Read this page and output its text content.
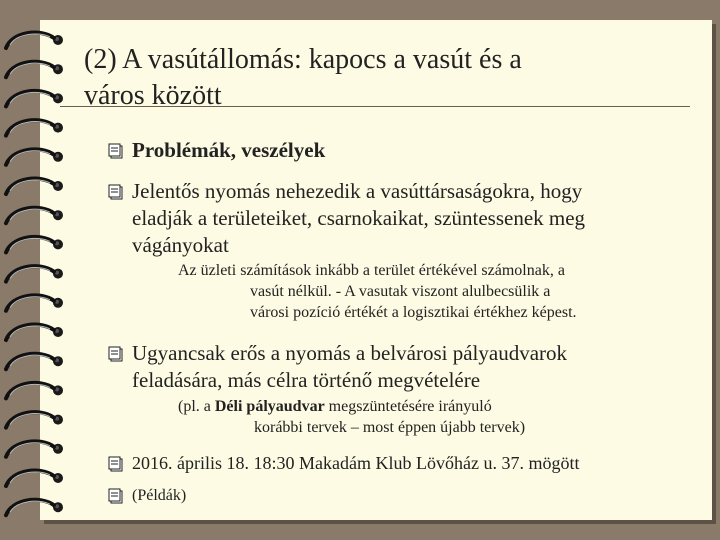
(2) A vasútállomás: kapocs a vasút és a
város között
Problémák, veszélyek
Jelentős nyomás nehezedik a vasúttársaságokra, hogy
eladják a területeiket, csarnokaikat, szüntessenek meg
vágányokat
Az üzleti számítások inkább a terület értékével számolnak, a
vasút nélkül. - A vasutak viszont alulbecsülik a
városi pozíció értékét a logisztikai értékhez képest.
Ugyancsak erős a nyomás a belvárosi pályaudvarok
feladására, más célra történő megvételére
(pl. a Déli pályaudvar megszüntetésére irányuló
korábbi tervek – most éppen újabb tervek)
2016. április 18. 18:30 Makadám Klub Lövőház u. 37. mögött
(Példák)
